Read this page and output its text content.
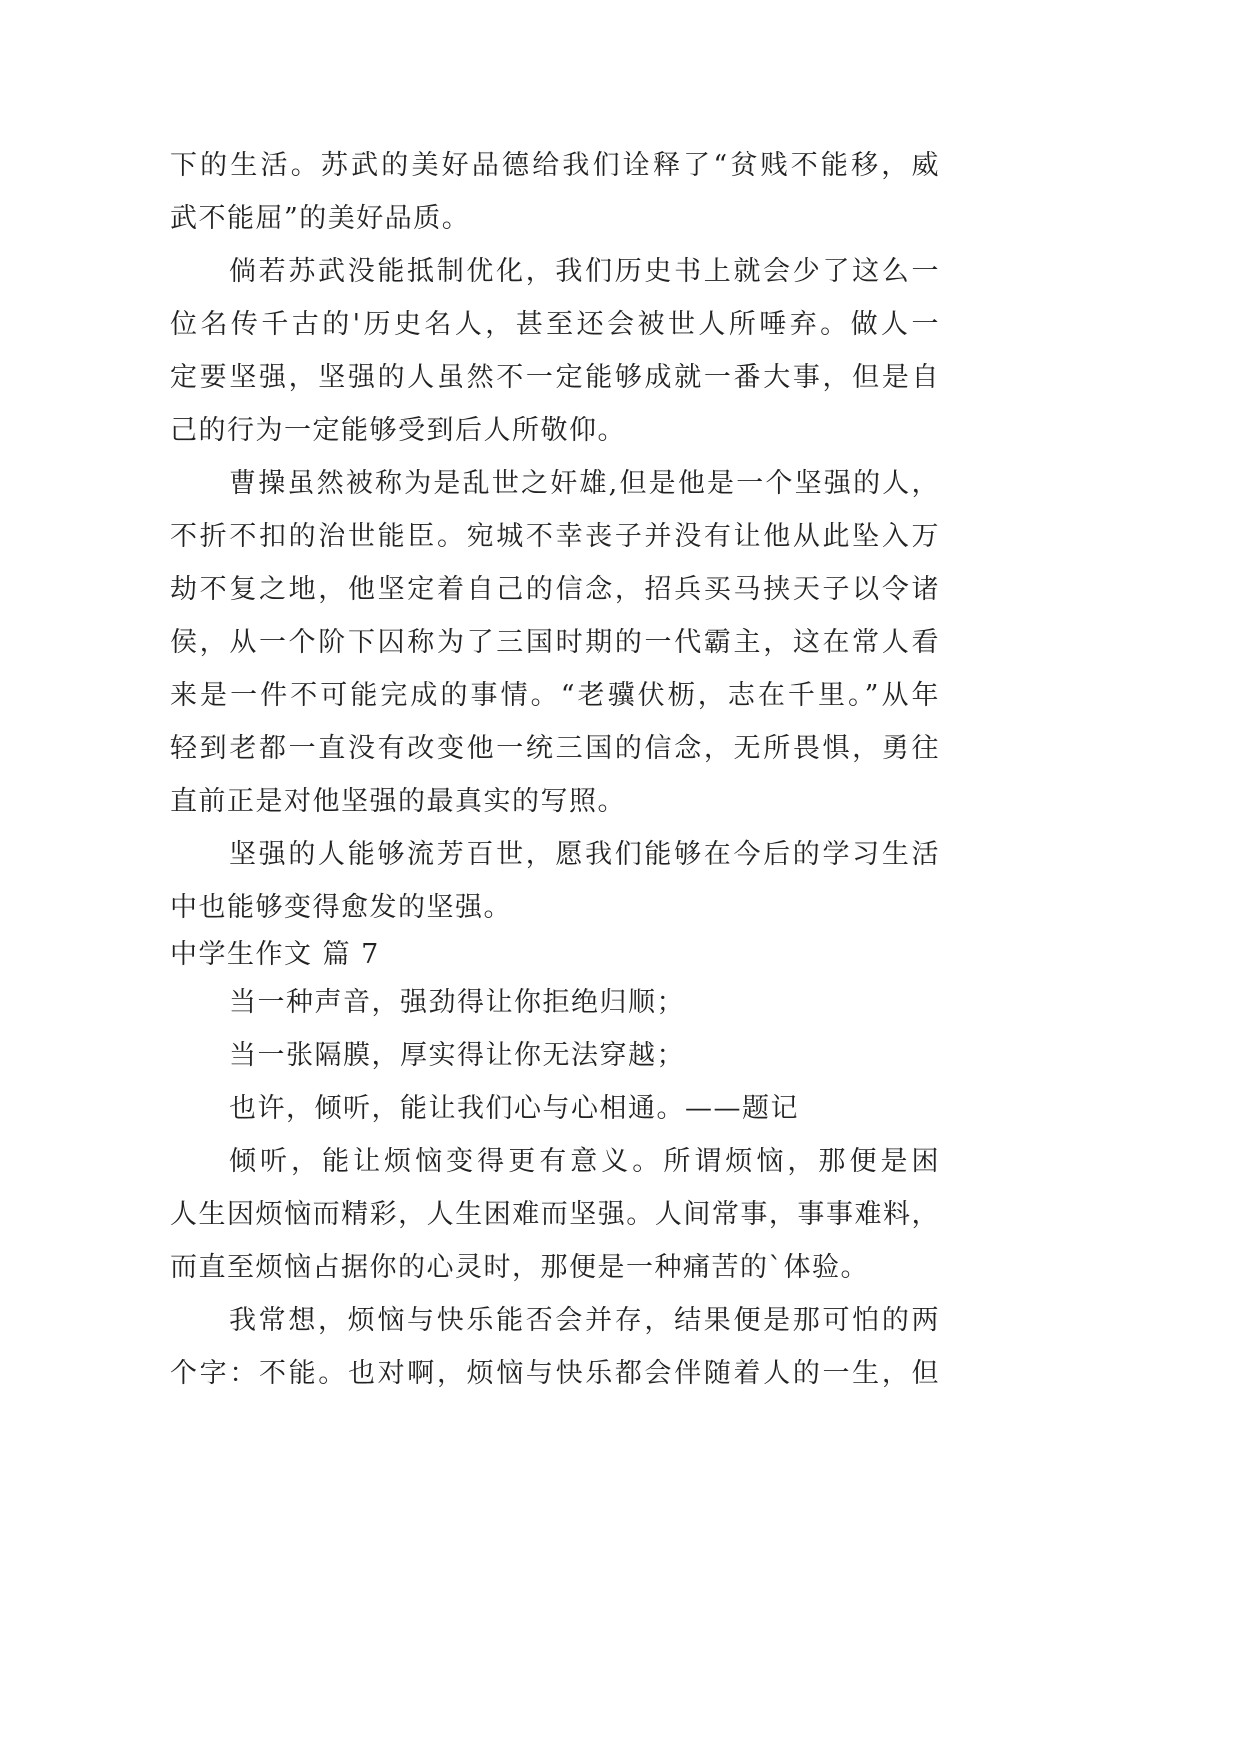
下的生活。苏武的美好品德给我们诠释了“贫贱不能移，威
武不能屈”的美好品质。
倘若苏武没能抵制优化，我们历史书上就会少了这么一
位名传千古的'历史名人，甚至还会被世人所唾弃。做人一
定要坚强，坚强的人虽然不一定能够成就一番大事，但是自
己的行为一定能够受到后人所敬仰。
曹操虽然被称为是乱世之奸雄,但是他是一个坚强的人，
不折不扣的治世能臣。宛城不幸丧子并没有让他从此坠入万
劫不复之地，他坚定着自己的信念，招兵买马挟天子以令诸
侯，从一个阶下囚称为了三国时期的一代霸主，这在常人看
来是一件不可能完成的事情。“老骥伏枥，志在千里。”从年
轻到老都一直没有改变他一统三国的信念，无所畏惧，勇往
直前正是对他坚强的最真实的写照。
坚强的人能够流芳百世，愿我们能够在今后的学习生活
中也能够变得愈发的坚强。
中学生作文 篇 7
当一种声音，强劲得让你拒绝归顺；
当一张隔膜，厚实得让你无法穿越；
也许，倾听，能让我们心与心相通。——题记
倾听，能让烦恼变得更有意义。所谓烦恼，那便是困
人生因烦恼而精彩，人生困难而坚强。人间常事，事事难料，
而直至烦恼占据你的心灵时，那便是一种痛苦的`体验。
我常想，烦恼与快乐能否会并存，结果便是那可怕的两
个字：不能。也对啊，烦恼与快乐都会伴随着人的一生，但
